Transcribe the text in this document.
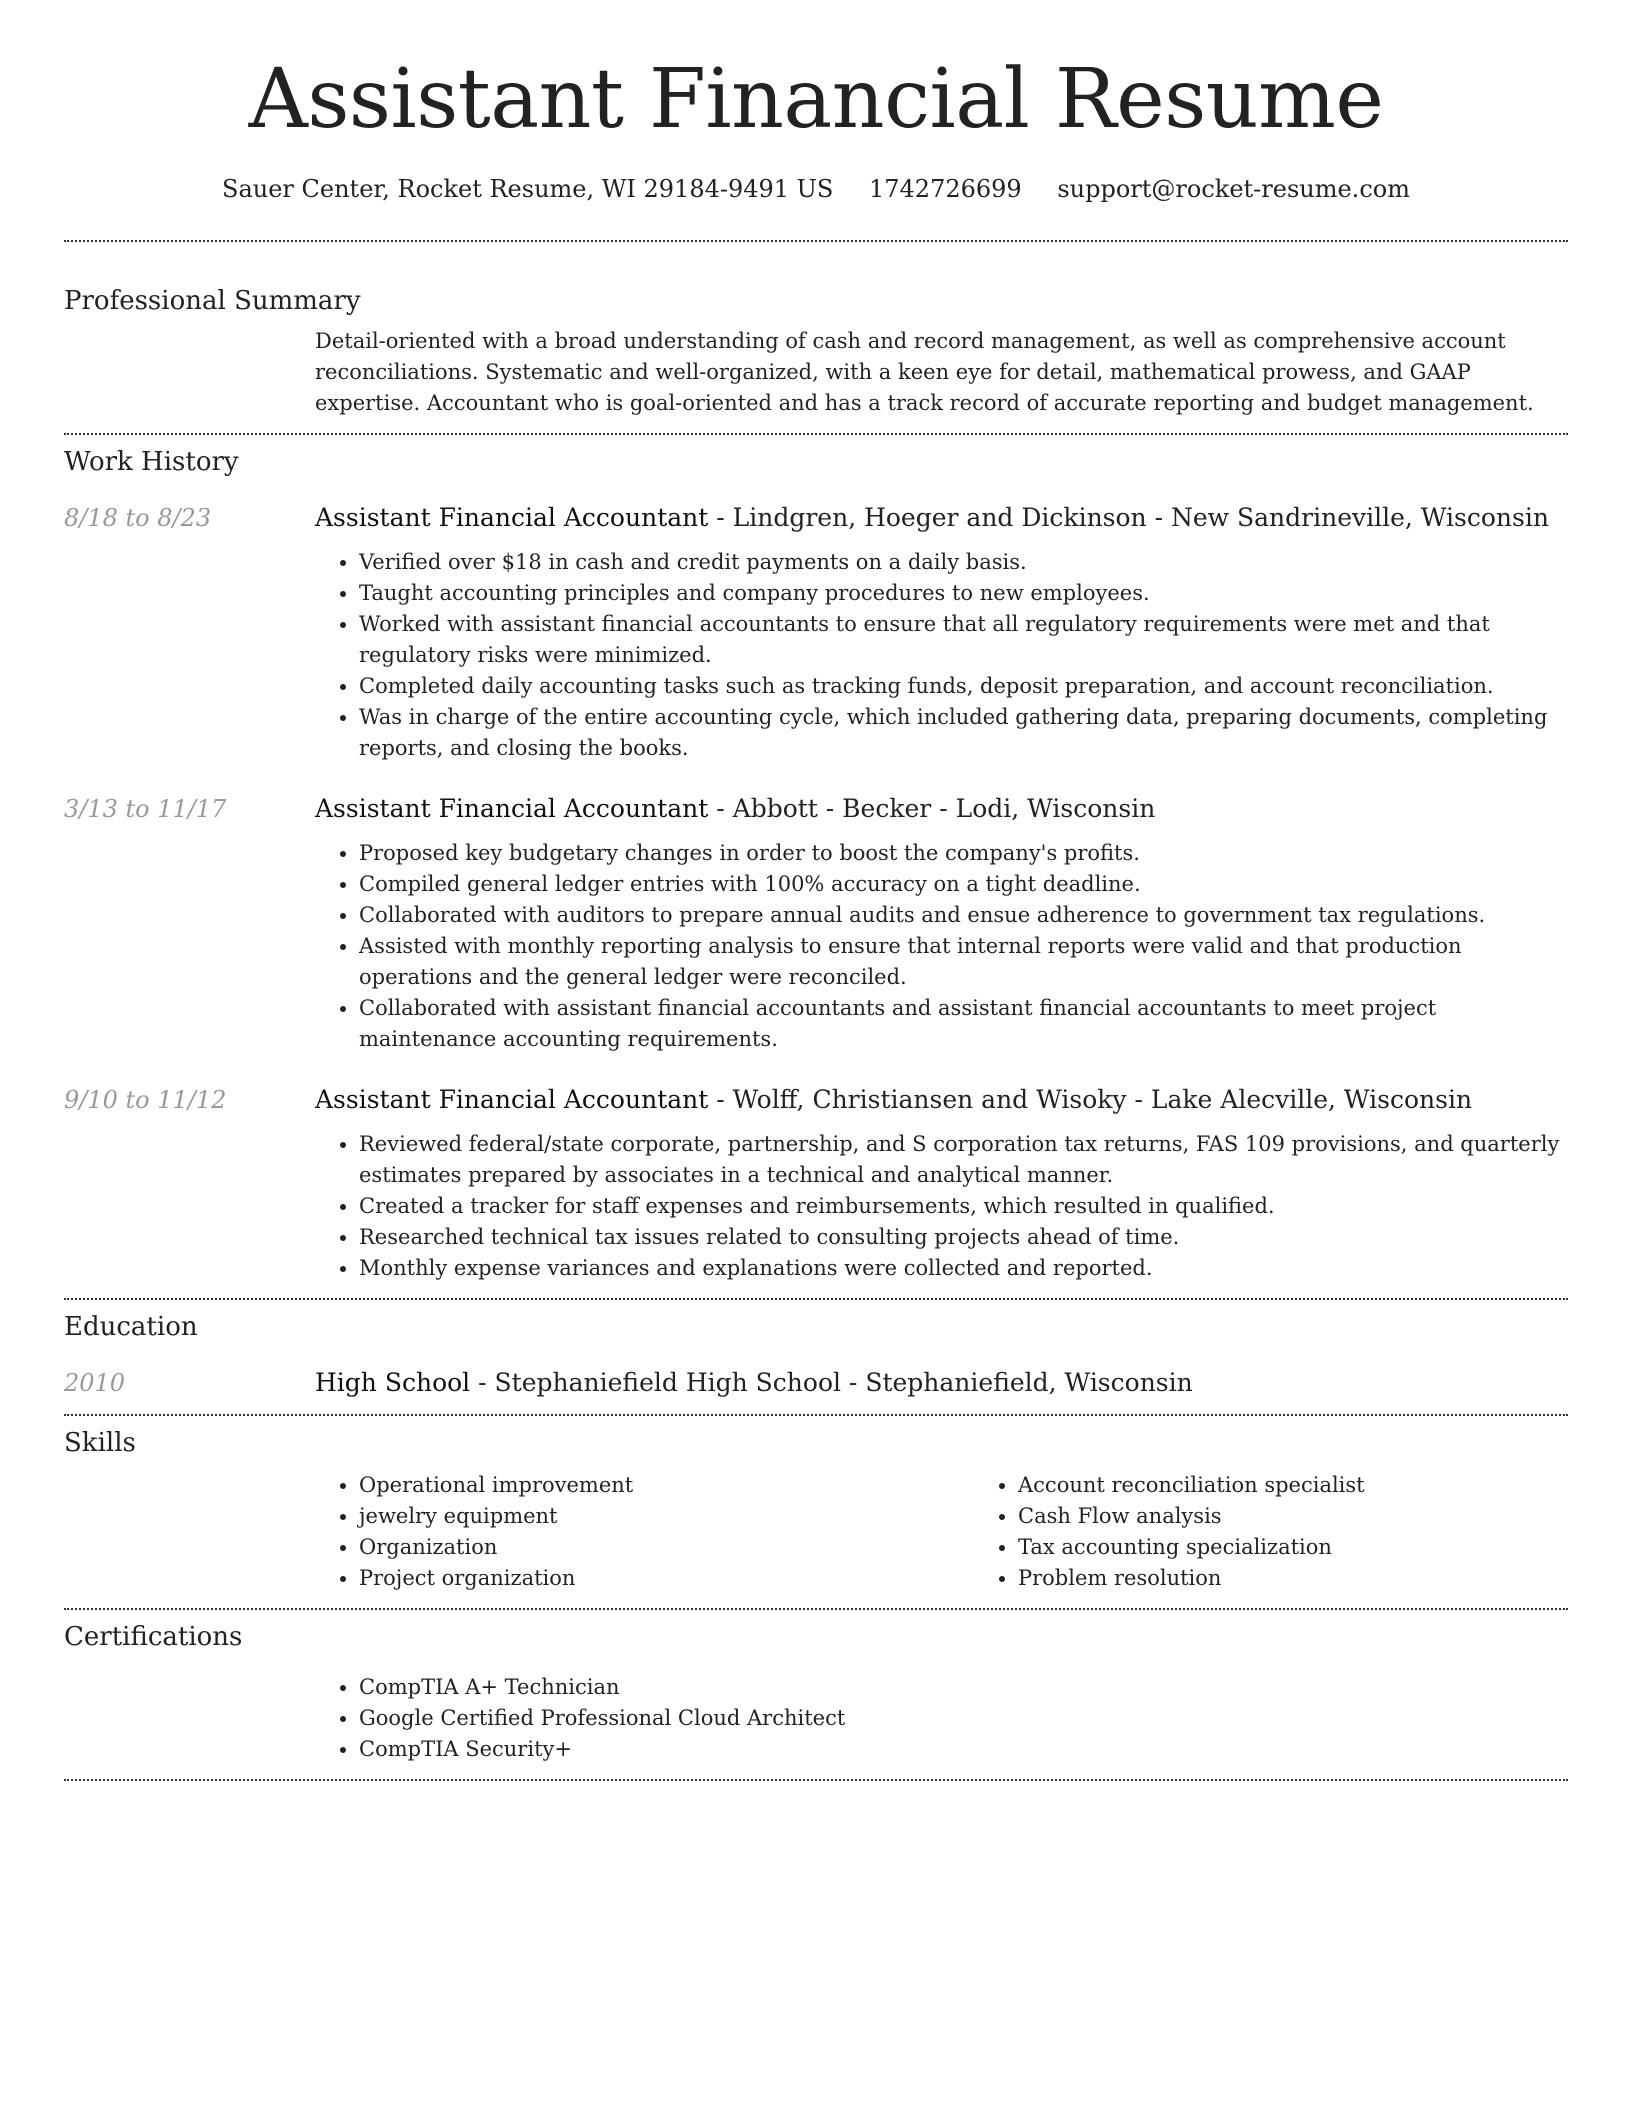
Assistant Financial Resume
Sauer Center, Rocket Resume, WI 29184-9491 US 1742726699 support@rocket-resume.com
Professional Summary
Detail-oriented with a broad understanding of cash and record management, as well as comprehensive account reconciliations. Systematic and well-organized, with a keen eye for detail, mathematical prowess, and GAAP expertise. Accountant who is goal-oriented and has a track record of accurate reporting and budget management.
Work History
8/18 to 8/23	Assistant Financial Accountant - Lindgren, Hoeger and Dickinson - New Sandrineville, Wisconsin
• Verified over $18 in cash and credit payments on a daily basis.
• Taught accounting principles and company procedures to new employees.
• Worked with assistant financial accountants to ensure that all regulatory requirements were met and that regulatory risks were minimized.
• Completed daily accounting tasks such as tracking funds, deposit preparation, and account reconciliation.
• Was in charge of the entire accounting cycle, which included gathering data, preparing documents, completing reports, and closing the books.
3/13 to 11/17	Assistant Financial Accountant - Abbott - Becker - Lodi, Wisconsin
• Proposed key budgetary changes in order to boost the company's profits.
• Compiled general ledger entries with 100% accuracy on a tight deadline.
• Collaborated with auditors to prepare annual audits and ensue adherence to government tax regulations.
• Assisted with monthly reporting analysis to ensure that internal reports were valid and that production operations and the general ledger were reconciled.
• Collaborated with assistant financial accountants and assistant financial accountants to meet project maintenance accounting requirements.
9/10 to 11/12	Assistant Financial Accountant - Wolff, Christiansen and Wisoky - Lake Alecville, Wisconsin
• Reviewed federal/state corporate, partnership, and S corporation tax returns, FAS 109 provisions, and quarterly estimates prepared by associates in a technical and analytical manner.
• Created a tracker for staff expenses and reimbursements, which resulted in qualified.
• Researched technical tax issues related to consulting projects ahead of time.
• Monthly expense variances and explanations were collected and reported.
Education
2010	High School - Stephaniefield High School - Stephaniefield, Wisconsin
Skills
• Operational improvement
• jewelry equipment
• Organization
• Project organization
• Account reconciliation specialist
• Cash Flow analysis
• Tax accounting specialization
• Problem resolution
Certifications
• CompTIA A+ Technician
• Google Certified Professional Cloud Architect
• CompTIA Security+
